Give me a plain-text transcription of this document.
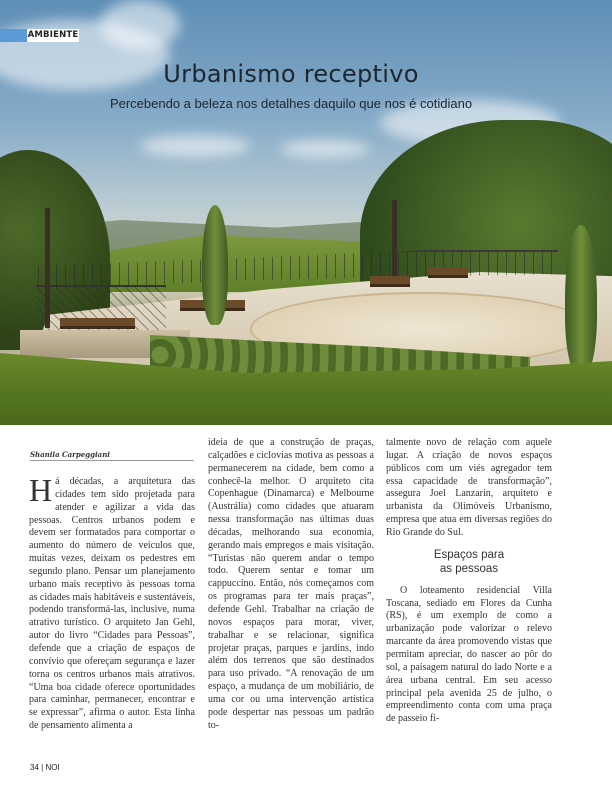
AMBIENTE
Urbanismo receptivo
Percebendo a beleza nos detalhes daquilo que nos é cotidiano
Shanila Carpeggiani

Há décadas, a arquitetura das cidades tem sido projetada para atender e agilizar a vida das pessoas. Centros urbanos podem e devem ser formatados para comportar o aumento do número de veículos que, muitas vezes, deixam os pedestres em segundo plano. Pensar um planejamento urbano mais receptivo às pessoas torna as cidades mais habitáveis e sustentáveis, podendo transformá-las, inclusive, numa atrativo turístico. O arquiteto Jan Gehl, autor do livro “Cidades para Pessoas”, defende que a criação de espaços de convívio que ofereçam segurança e lazer torna os centros urbanos mais atrativos. “Uma boa cidade oferece oportunidades para caminhar, permanecer, encontrar e se expressar”, afirma o autor. Esta linha de pensamento alimenta a

ideia de que a construção de praças, calçadões e ciclovias motiva as pessoas a permanecerem na cidade, bem como a conhecê-la melhor. O arquiteto cita Copenhague (Dinamarca) e Melbourne (Austrália) como cidades que atuaram nessa transformação nas últimas duas décadas, melhorando sua economia, gerando mais empregos e mais visitação. “Turistas não querem andar o tempo todo. Querem sentar e tomar um cappuccino. Então, nós começamos com os programas para ter mais praças”, defende Gehl. Trabalhar na criação de novos espaços para morar, viver, trabalhar e se relacionar, significa projetar praças, parques e jardins, indo além dos terrenos que são destinados para uso privado. “A renovação de um espaço, a mudança de um mobiliário, de uma cor ou uma intervenção artística pode despertar nas pessoas um padrão to-

talmente novo de relação com aquele lugar. A criação de novos espaços públicos com um viés agregador tem essa capacidade de transformação”, assegura Joel Lanzarin, arquiteto e urbanista da Olimóveis Urbanismo, empresa que atua em diversas regiões do Rio Grande do Sul.

Espaços para
as pessoas

O loteamento residencial Villa Toscana, sediado em Flores da Cunha (RS), é um exemplo de como a urbanização pode valorizar o relevo marcante da área promovendo vistas que permitam apreciar, do nascer ao pôr do sol, a paisagem natural do lado Norte e a área urbana central. Em seu acesso principal pela avenida 25 de julho, o empreendimento conta com uma praça de passeio fi-

34 | NOI
